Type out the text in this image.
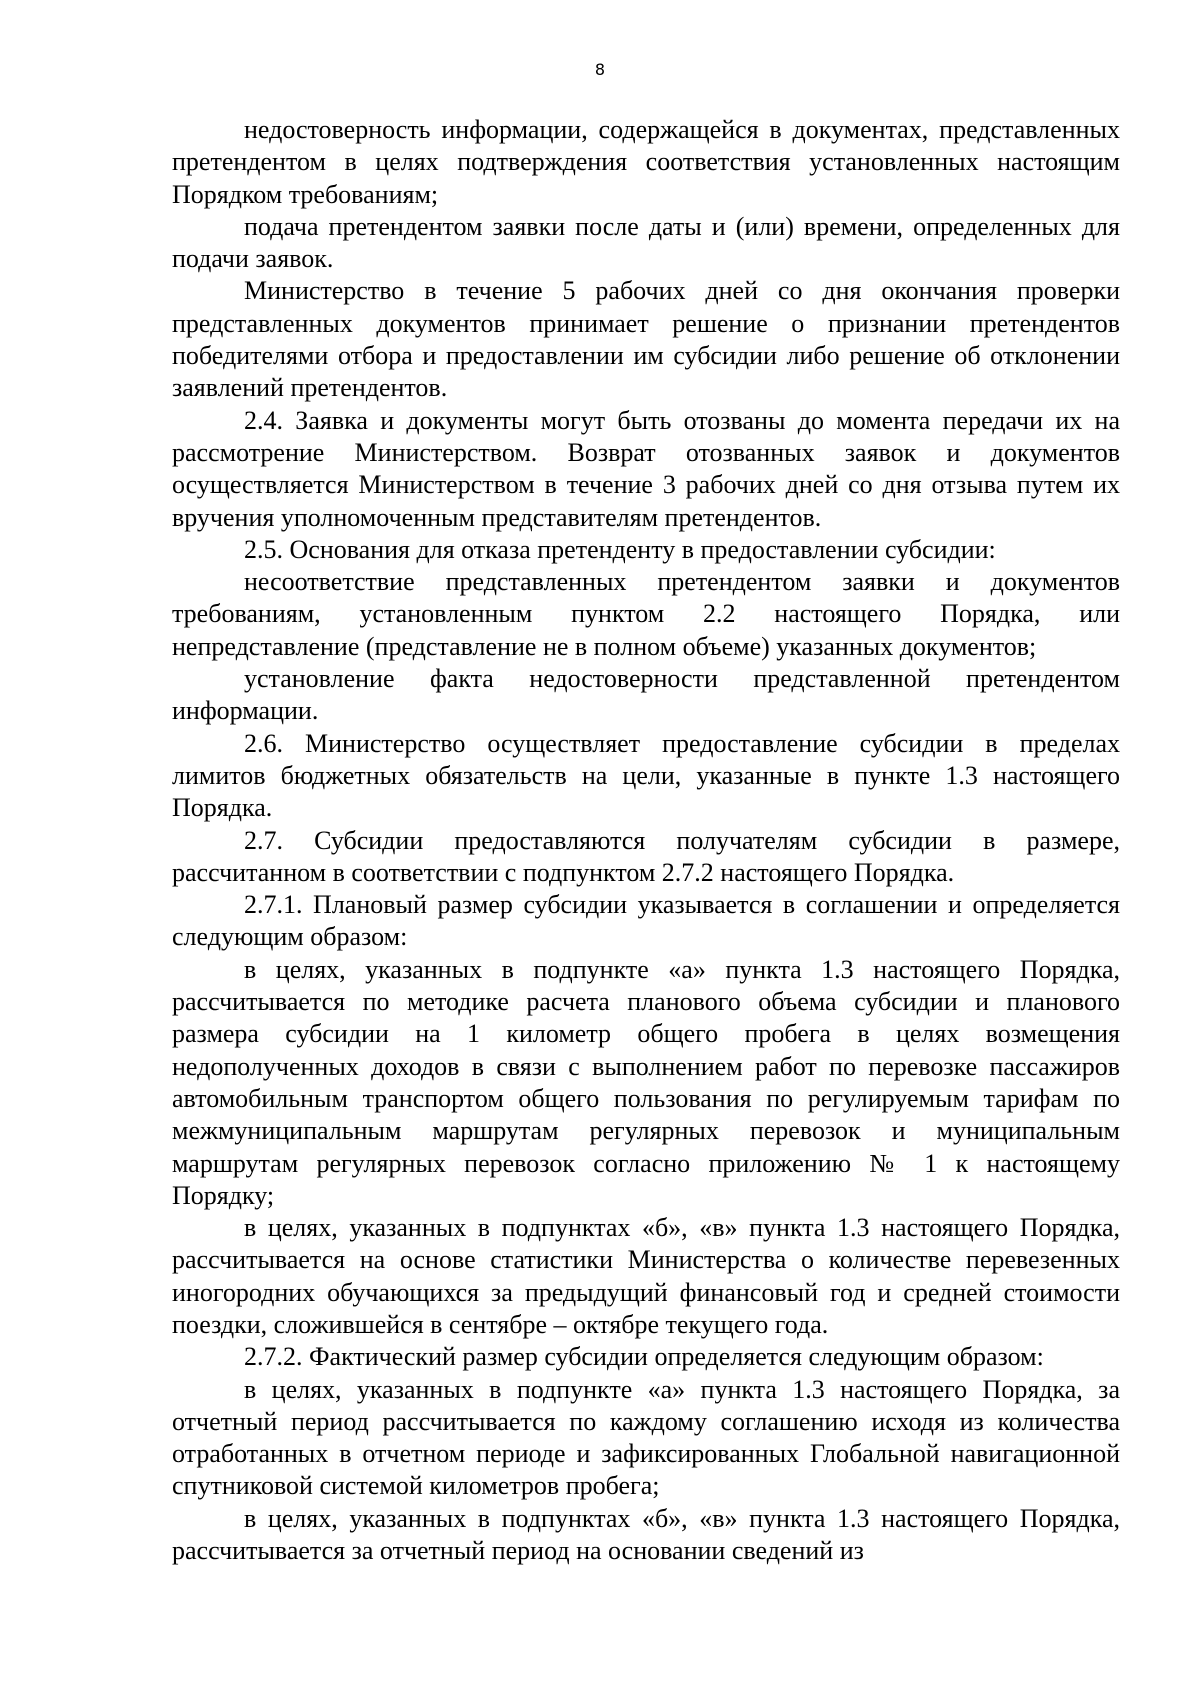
8

недостоверность информации, содержащейся в документах, представленных претендентом в целях подтверждения соответствия установленных настоящим Порядком требованиям;

подача претендентом заявки после даты и (или) времени, определенных для подачи заявок.

Министерство в течение 5 рабочих дней со дня окончания проверки представленных документов принимает решение о признании претендентов победителями отбора и предоставлении им субсидии либо решение об отклонении заявлений претендентов.

2.4. Заявка и документы могут быть отозваны до момента передачи их на рассмотрение Министерством. Возврат отозванных заявок и документов осуществляется Министерством в течение 3 рабочих дней со дня отзыва путем их вручения уполномоченным представителям претендентов.

2.5. Основания для отказа претенденту в предоставлении субсидии:

несоответствие представленных претендентом заявки и документов требованиям, установленным пунктом 2.2 настоящего Порядка, или непредставление (представление не в полном объеме) указанных документов;

установление факта недостоверности представленной претендентом информации.

2.6. Министерство осуществляет предоставление субсидии в пределах лимитов бюджетных обязательств на цели, указанные в пункте 1.3 настоящего Порядка.

2.7. Субсидии предоставляются получателям субсидии в размере, рассчитанном в соответствии с подпунктом 2.7.2 настоящего Порядка.

2.7.1. Плановый размер субсидии указывается в соглашении и определяется следующим образом:

в целях, указанных в подпункте «а» пункта 1.3 настоящего Порядка, рассчитывается по методике расчета планового объема субсидии и планового размера субсидии на 1 километр общего пробега в целях возмещения недополученных доходов в связи с выполнением работ по перевозке пассажиров автомобильным транспортом общего пользования по регулируемым тарифам по межмуниципальным маршрутам регулярных перевозок и муниципальным маршрутам регулярных перевозок согласно приложению № 1 к настоящему Порядку;

в целях, указанных в подпунктах «б», «в» пункта 1.3 настоящего Порядка, рассчитывается на основе статистики Министерства о количестве перевезенных иногородних обучающихся за предыдущий финансовый год и средней стоимости поездки, сложившейся в сентябре – октябре текущего года.

2.7.2. Фактический размер субсидии определяется следующим образом:

в целях, указанных в подпункте «а» пункта 1.3 настоящего Порядка, за отчетный период рассчитывается по каждому соглашению исходя из количества отработанных в отчетном периоде и зафиксированных Глобальной навигационной спутниковой системой километров пробега;

в целях, указанных в подпунктах «б», «в» пункта 1.3 настоящего Порядка, рассчитывается за отчетный период на основании сведений из
